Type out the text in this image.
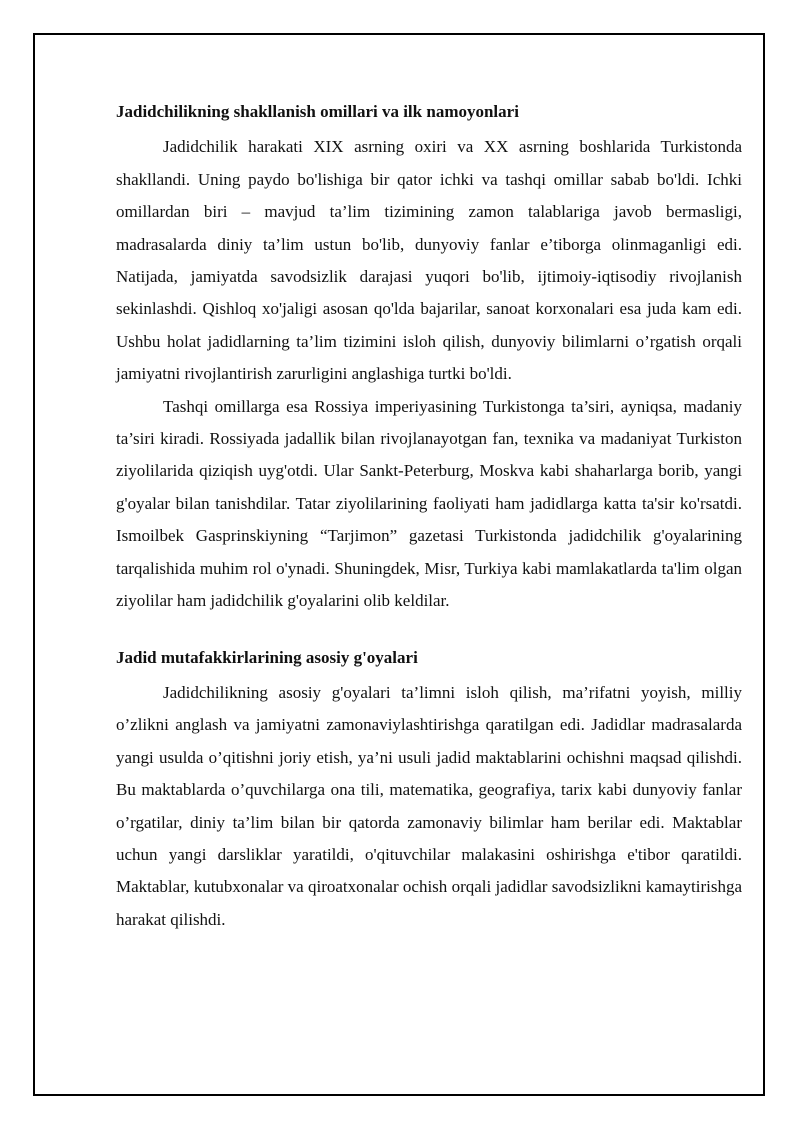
Jadidchilikning shakllanish omillari va ilk namoyonlari

Jadidchilik harakati XIX asrning oxiri va XX asrning boshlarida Turkistonda shakllandi. Uning paydo bo'lishiga bir qator ichki va tashqi omillar sabab bo'ldi. Ichki omillardan biri – mavjud ta’lim tizimining zamon talablariga javob bermasligi, madrasalarda diniy ta’lim ustun bo'lib, dunyoviy fanlar e’tiborga olinmaganligi edi. Natijada, jamiyatda savodsizlik darajasi yuqori bo'lib, ijtimoiy-iqtisodiy rivojlanish sekinlashdi. Qishloq xo'jaligi asosan qo'lda bajarilar, sanoat korxonalari esa juda kam edi. Ushbu holat jadidlarning ta’lim tizimini isloh qilish, dunyoviy bilimlarni o’rgatish orqali jamiyatni rivojlantirish zarurligini anglashiga turtki bo'ldi.

Tashqi omillarga esa Rossiya imperiyasining Turkistonga ta’siri, ayniqsa, madaniy ta’siri kiradi. Rossiyada jadallik bilan rivojlanayotgan fan, texnika va madaniyat Turkiston ziyolilarida qiziqish uyg'otdi. Ular Sankt-Peterburg, Moskva kabi shaharlarga borib, yangi g'oyalar bilan tanishdilar. Tatar ziyolilarining faoliyati ham jadidlarga katta ta'sir ko'rsatdi. Ismoilbek Gasprinskiyning “Tarjimon” gazetasi Turkistonda jadidchilik g'oyalarining tarqalishida muhim rol o'ynadi. Shuningdek, Misr, Turkiya kabi mamlakatlarda ta'lim olgan ziyolilar ham jadidchilik g'oyalarini olib keldilar.

Jadid mutafakkirlarining asosiy g'oyalari

Jadidchilikning asosiy g'oyalari ta’limni isloh qilish, ma’rifatni yoyish, milliy o’zlikni anglash va jamiyatni zamonaviylashtirishga qaratilgan edi. Jadidlar madrasalarda yangi usulda o’qitishni joriy etish, ya’ni usuli jadid maktablarini ochishni maqsad qilishdi. Bu maktablarda o’quvchilarga ona tili, matematika, geografiya, tarix kabi dunyoviy fanlar o’rgatilar, diniy ta’lim bilan bir qatorda zamonaviy bilimlar ham berilar edi. Maktablar uchun yangi darsliklar yaratildi, o'qituvchilar malakasini oshirishga e'tibor qaratildi. Maktablar, kutubxonalar va qiroatxonalar ochish orqali jadidlar savodsizlikni kamaytirishga harakat qilishdi.
